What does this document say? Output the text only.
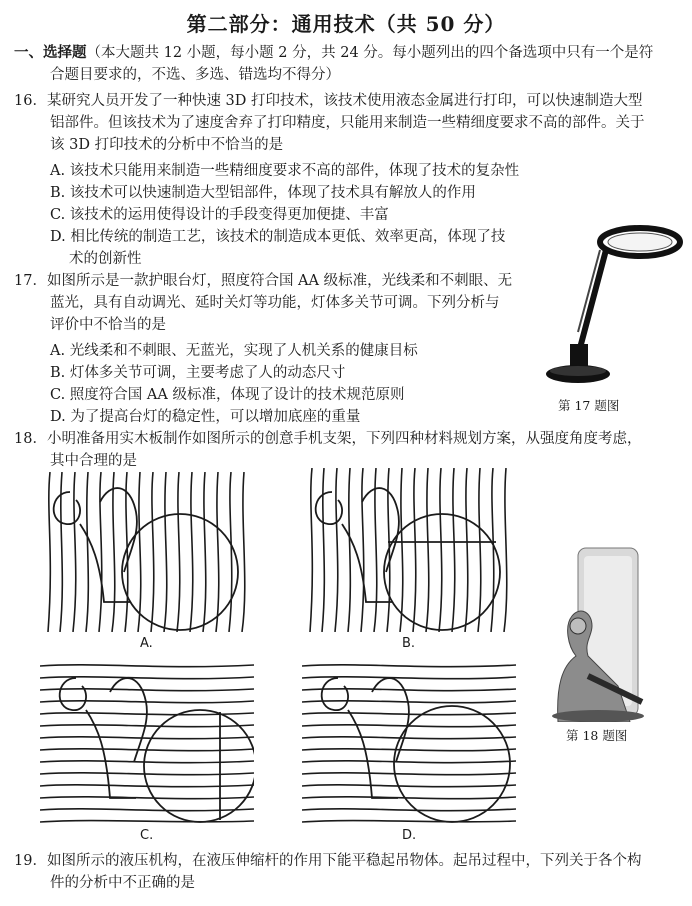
第二部分：通用技术（共 50 分）
一、选择题（本大题共 12 小题，每小题 2 分，共 24 分。每小题列出的四个备选项中只有一个是符
合题目要求的，不选、多选、错选均不得分）
16．某研究人员开发了一种快速 3D 打印技术，该技术使用液态金属进行打印，可以快速制造大型
铝部件。但该技术为了速度舍弃了打印精度，只能用来制造一些精细度要求不高的部件。关于
该 3D 打印技术的分析中不恰当的是
A. 该技术只能用来制造一些精细度要求不高的部件，体现了技术的复杂性
B. 该技术可以快速制造大型铝部件，体现了技术具有解放人的作用
C. 该技术的运用使得设计的手段变得更加便捷、丰富
D. 相比传统的制造工艺，该技术的制造成本更低、效率更高，体现了技
术的创新性
17．如图所示是一款护眼台灯，照度符合国 AA 级标准，光线柔和不刺眼、无
蓝光，具有自动调光、延时关灯等功能，灯体多关节可调。下列分析与
评价中不恰当的是
A. 光线柔和不刺眼、无蓝光，实现了人机关系的健康目标
B. 灯体多关节可调，主要考虑了人的动态尺寸
C. 照度符合国 AA 级标准，体现了设计的技术规范原则
D. 为了提高台灯的稳定性，可以增加底座的重量
第 17 题图
18．小明准备用实木板制作如图所示的创意手机支架，下列四种材料规划方案，从强度角度考虑，
其中合理的是
A.	B.
C.	D.
第 18 题图
19．如图所示的液压机构，在液压伸缩杆的作用下能平稳起吊物体。起吊过程中，下列关于各个构
件的分析中不正确的是
